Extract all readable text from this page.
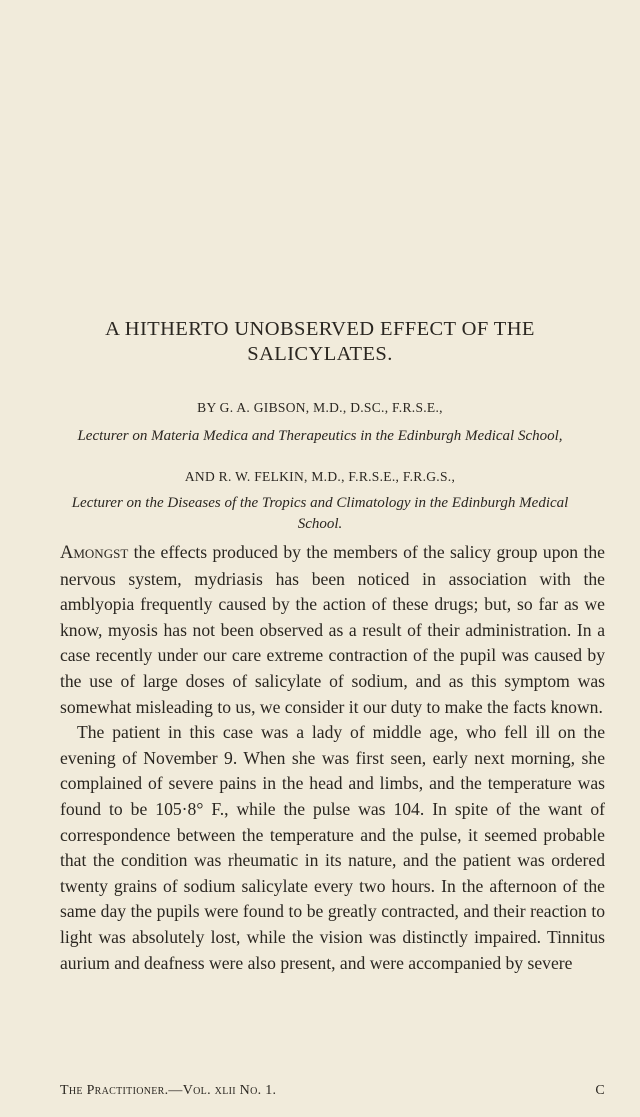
A HITHERTO UNOBSERVED EFFECT OF THE
SALICYLATES.
BY G. A. GIBSON, M.D., D.SC., F.R.S.E.,
Lecturer on Materia Medica and Therapeutics in the Edinburgh Medical School,
AND R. W. FELKIN, M.D., F.R.S.E., F.R.G.S.,
Lecturer on the Diseases of the Tropics and Climatology in the Edinburgh Medical
School.

Amongst the effects produced by the members of the salicy group upon the nervous system, mydriasis has been noticed in association with the amblyopia frequently caused by the action of these drugs; but, so far as we know, myosis has not been observed as a result of their administration. In a case recently under our care extreme contraction of the pupil was caused by the use of large doses of salicylate of sodium, and as this symptom was somewhat misleading to us, we consider it our duty to make the facts known.

The patient in this case was a lady of middle age, who fell ill on the evening of November 9. When she was first seen, early next morning, she complained of severe pains in the head and limbs, and the temperature was found to be 105·8° F., while the pulse was 104. In spite of the want of correspondence between the temperature and the pulse, it seemed probable that the condition was rheumatic in its nature, and the patient was ordered twenty grains of sodium salicylate every two hours. In the afternoon of the same day the pupils were found to be greatly contracted, and their reaction to light was absolutely lost, while the vision was distinctly impaired. Tinnitus aurium and deafness were also present, and were accompanied by severe

The Practitioner.—Vol. xlii No. 1.	C
